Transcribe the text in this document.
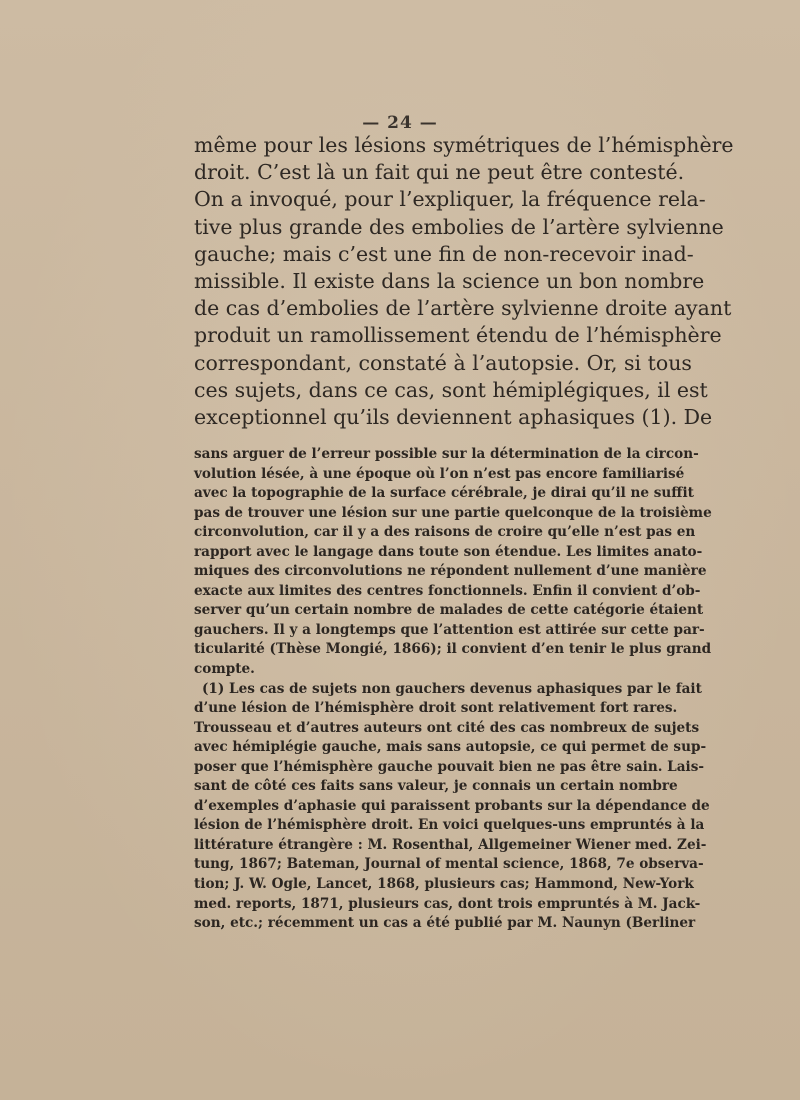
— 24 —
même pour les lésions symétriques de l’hémisphère
droit. C’est là un fait qui ne peut être contesté.
On a invoqué, pour l’expliquer, la fréquence rela-
tive plus grande des embolies de l’artère sylvienne
gauche; mais c’est une fin de non-recevoir inad-
missible. Il existe dans la science un bon nombre
de cas d’embolies de l’artère sylvienne droite ayant
produit un ramollissement étendu de l’hémisphère
correspondant, constaté à l’autopsie. Or, si tous
ces sujets, dans ce cas, sont hémiplégiques, il est
exceptionnel qu’ils deviennent aphasiques (1). De
sans arguer de l’erreur possible sur la détermination de la circon-
volution lésée, à une époque où l’on n’est pas encore familiarisé
avec la topographie de la surface cérébrale, je dirai qu’il ne suffit
pas de trouver une lésion sur une partie quelconque de la troisième
circonvolution, car il y a des raisons de croire qu’elle n’est pas en
rapport avec le langage dans toute son étendue. Les limites anato-
miques des circonvolutions ne répondent nullement d’une manière
exacte aux limites des centres fonctionnels. Enfin il convient d’ob-
server qu’un certain nombre de malades de cette catégorie étaient
gauchers. Il y a longtemps que l’attention est attirée sur cette par-
ticularité (Thèse Mongié, 1866); il convient d’en tenir le plus grand
compte.
(1) Les cas de sujets non gauchers devenus aphasiques par le fait
d’une lésion de l’hémisphère droit sont relativement fort rares.
Trousseau et d’autres auteurs ont cité des cas nombreux de sujets
avec hémiplégie gauche, mais sans autopsie, ce qui permet de sup-
poser que l’hémisphère gauche pouvait bien ne pas être sain. Lais-
sant de côté ces faits sans valeur, je connais un certain nombre
d’exemples d’aphasie qui paraissent probants sur la dépendance de
lésion de l’hémisphère droit. En voici quelques-uns empruntés à la
littérature étrangère : M. Rosenthal, Allgemeiner Wiener med. Zei-
tung, 1867; Bateman, Journal of mental science, 1868, 7e observa-
tion; J. W. Ogle, Lancet, 1868, plusieurs cas; Hammond, New-York
med. reports, 1871, plusieurs cas, dont trois empruntés à M. Jack-
son, etc.; récemment un cas a été publié par M. Naunyn (Berliner
